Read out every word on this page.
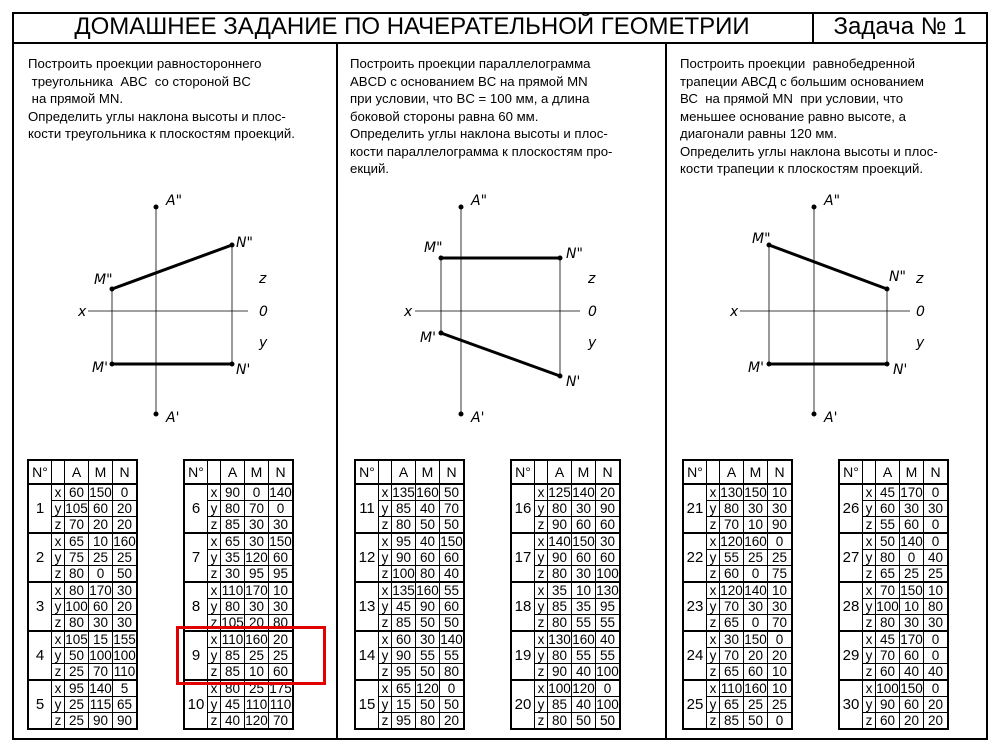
ДОМАШНЕЕ ЗАДАНИЕ ПО НАЧЕРАТЕЛЬНОЙ ГЕОМЕТРИИ	Задача № 1
Построить проекции равностороннего
треугольника  ABC  со стороной BC
на прямой MN.
Определить углы наклона высоты и плос-
кости треугольника к плоскостям проекций.
Построить проекции параллелограмма
ABCD с основанием BC на прямой MN
при условии, что BC = 100 мм, а длина
боковой стороны равна 60 мм.
Определить углы наклона высоты и плос-
кости параллелограмма к плоскостям про-
екций.
Построить проекции  равнобедренной
трапеции АВСД с большим основанием
ВС  на прямой MN  при условии, что
меньшее основание равно высоте, а
диагонали равны 120 мм.
Определить углы наклона высоты и плос-
кости трапеции к плоскостям проекций.
A"
A'
M"
M'
N"
N'
x
z
0
y
A"
A'
M"
M'
N"
N'
x
z
0
y
A"
A'
M"
M'
N"
N'
x
z
0
y
N°		A	M	N
1	x	60	150	0
	y	105	60	20
	z	70	20	20
2	x	65	10	160
	y	75	25	25
	z	80	0	50
3	x	80	170	30
	y	100	60	20
	z	80	30	30
4	x	105	15	155
	y	50	100	100
	z	25	70	110
5	x	95	140	5
	y	25	115	65
	z	25	90	90
N°		A	M	N
6	x	90	0	140
	y	80	70	0
	z	85	30	30
7	x	65	30	150
	y	35	120	60
	z	30	95	95
8	x	110	170	10
	y	80	30	30
	z	105	20	80
9	x	110	160	20
	y	85	25	25
	z	85	10	60
10	x	80	25	175
	y	45	110	110
	z	40	120	70
N°		A	M	N
11	x	135	160	50
	y	85	40	70
	z	80	50	50
12	x	95	40	150
	y	90	60	60
	z	100	80	40
13	x	135	160	55
	y	45	90	60
	z	85	50	50
14	x	60	30	140
	y	90	55	55
	z	95	50	80
15	x	65	120	0
	y	15	50	50
	z	95	80	20
N°		A	M	N
16	x	125	140	20
	y	80	30	90
	z	90	60	60
17	x	140	150	30
	y	90	60	60
	z	80	30	100
18	x	35	10	130
	y	85	35	95
	z	80	55	55
19	x	130	160	40
	y	80	55	55
	z	90	40	100
20	x	100	120	0
	y	85	40	100
	z	80	50	50
N°		A	M	N
21	x	130	150	10
	y	80	30	30
	z	70	10	90
22	x	120	160	0
	y	55	25	25
	z	60	0	75
23	x	120	140	10
	y	70	30	30
	z	65	0	70
24	x	30	150	0
	y	70	20	20
	z	65	60	10
25	x	110	160	10
	y	65	25	25
	z	85	50	0
N°		A	M	N
26	x	45	170	0
	y	60	30	30
	z	55	60	0
27	x	50	140	0
	y	80	0	40
	z	65	25	25
28	x	70	150	10
	y	100	10	80
	z	80	30	30
29	x	45	170	0
	y	70	60	0
	z	60	40	40
30	x	100	150	0
	y	90	60	20
	z	60	20	20
